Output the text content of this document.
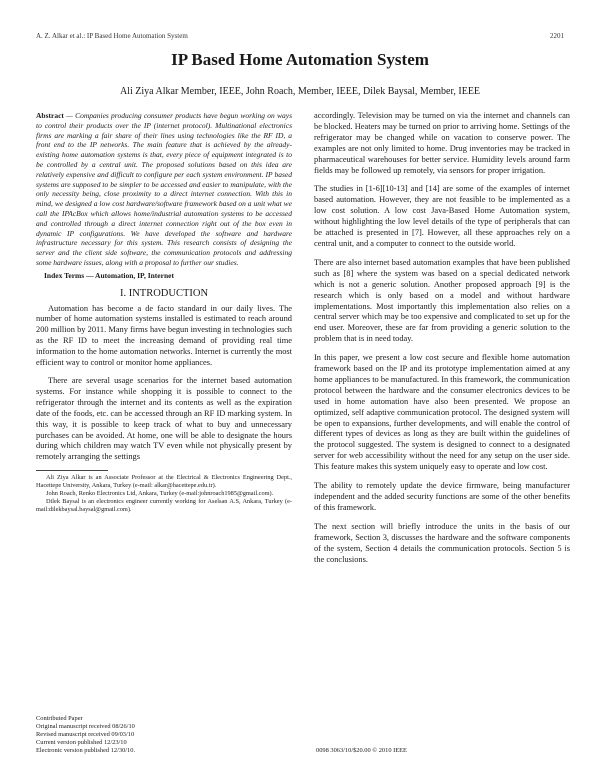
A. Z. Alkar et al.: IP Based Home Automation System	2201
IP Based Home Automation System
Ali Ziya Alkar Member, IEEE, John Roach, Member, IEEE, Dilek Baysal, Member, IEEE

Abstract — Companies producing consumer products have begun working on ways to control their products over the IP (internet protocol). Multinational electronics firms are marking a fair share of their lines using technologies like the RF ID, a front end to the IP networks. The main feature that is achieved by the already-existing home automation systems is that, every piece of equipment integrated is to be controlled by a central unit. The proposed solutions based on this idea are relatively expensive and difficult to configure per each system environment. IP based systems are supposed to be simpler to be accessed and easier to manipulate, with the only necessity being, close proximity to a direct internet connection. With this in mind, we designed a low cost hardware/software framework based on a unit what we call the IPAcBox which allows home/industrial automation systems to be accessed and controlled through a direct internet connection right out of the box even in dynamic IP configurations. We have developed the software and hardware infrastructure necessary for this system. This research consists of designing the server and the client side software, the communication protocols and addressing some hardware issues, along with a proposal to further our studies.

Index Terms — Automation, IP, Internet

I. INTRODUCTION

Automation has become a de facto standard in our daily lives. The number of home automation systems installed is estimated to reach around 200 million by 2011. Many firms have begun investing in technologies such as the RF ID to meet the increasing demand of providing real time information to the home automation networks. Internet is currently the most efficient way to control or monitor home appliances.

There are several usage scenarios for the internet based automation systems. For instance while shopping it is possible to connect to the refrigerator through the internet and its contents as well as the expiration date of the foods, etc. can be accessed through an RF ID marking system. In this way, it is possible to keep track of what to buy and unnecessary purchases can be avoided. At home, one will be able to designate the hours during which children may watch TV even while not physically present by remotely arranging the settings

Ali Ziya Alkar is an Associate Professor at the Electrical & Electronics Engineering Dept., Hacettepe University, Ankara, Turkey (e-mail: alkar@hacettepe.edu.tr).

John Roach, Renko Electronics Ltd, Ankara, Turkey (e-mail:johnroach1985@gmail.com).

Dilek Baysal is an electronics engineer currently working for Aselsan A.S, Ankara, Turkey (e-mail:dilekbaysal.baysal@gmail.com).

accordingly. Television may be turned on via the internet and channels can be blocked. Heaters may be turned on prior to arriving home. Settings of the refrigerator may be changed while on vacation to conserve power. The examples are not only limited to home. Drug inventories may be tracked in pharmaceutical warehouses for better service. Humidity levels around farm fields may be followed up remotely, via sensors for proper irrigation.

The studies in [1-6][10-13] and [14] are some of the examples of internet based automation. However, they are not feasible to be implemented as a low cost solution. A low cost Java-Based Home Automation system, without highlighting the low level details of the type of peripherals that can be attached is presented in [7]. However, all these approaches rely on a central unit, and a computer to connect to the outside world.

There are also internet based automation examples that have been published such as [8] where the system was based on a special dedicated network which is not a generic solution. Another proposed approach [9] is the research which is only based on a model and without hardware implementations. Most importantly this implementation also relies on a central server which may be too expensive and complicated to set up for the end user. Moreover, these are far from providing a generic solution to the problem that is in need today.

In this paper, we present a low cost secure and flexible home automation framework based on the IP and its prototype implementation aimed at any home appliances to be manufactured. In this framework, the communication protocol between the hardware and the consumer electronics devices to be used in home automation have also been presented. We propose an optimized, self adaptive communication protocol. The designed system will be open to expansions, further developments, and will enable the control of different types of devices as long as they are built within the guidelines of the protocol suggested. The system is designed to connect to a designated server for web accessibility without the need for any setup on the user side. This feature makes this system uniquely easy to operate and low cost.

The ability to remotely update the device firmware, being manufacturer independent and the added security functions are some of the other benefits of this framework.

The next section will briefly introduce the units in the basis of our framework, Section 3, discusses the hardware and the software components of the system, Section 4 details the communication protocols. Section 5 is the conclusions.

Contributed Paper
Original manuscript received 08/26/10
Revised manuscript received 09/03/10
Current version published 12/23/10
Electronic version published 12/30/10.	0098 3063/10/$20.00 © 2010 IEEE
